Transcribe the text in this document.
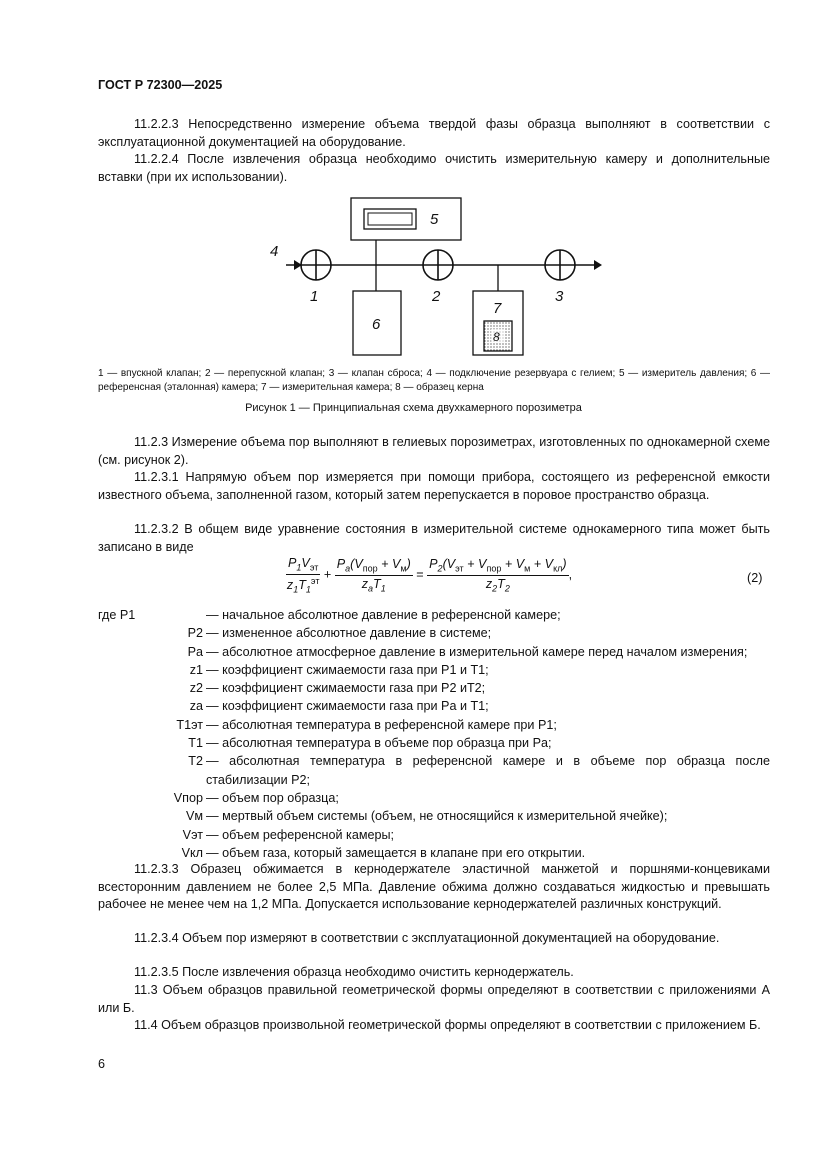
ГОСТ Р 72300—2025

11.2.2.3 Непосредственно измерение объема твердой фазы образца выполняют в соответствии с эксплуатационной документацией на оборудование.

11.2.2.4 После извлечения образца необходимо очистить измерительную камеру и дополнительные вставки (при их использовании).

4
1	2	3
5
6
7
8
1 — впускной клапан; 2 — перепускной клапан; 3 — клапан сброса; 4 — подключение резервуара с гелием; 5 — измеритель давления; 6 — референсная (эталонная) камера; 7 — измерительная камера; 8 — образец керна
Рисунок 1 — Принципиальная схема двухкамерного порозиметра

11.2.3 Измерение объема пор выполняют в гелиевых порозиметрах, изготовленных по однокамерной схеме (см. рисунок 2).

11.2.3.1 Напрямую объем пор измеряется при помощи прибора, состоящего из референсной емкости известного объема, заполненной газом, который затем перепускается в поровое пространство образца.

11.2.3.2 В общем виде уравнение состояния в измерительной системе однокамерного типа может быть записано в виде

$\frac{P_1V_{эт}}{z_1T_1^{эт}} + \frac{P_a(V_{пор} + V_м)}{z_aT_1} = \frac{P_2(V_{эт} + V_{пор} + V_м + V_{кл})}{z_2T_2}$ ,	(2)
где P1	— начальное абсолютное давление в референсной камере;
P2 — измененное абсолютное давление в системе;
Pa — абсолютное атмосферное давление в измерительной камере перед началом измерения;
z1 — коэффициент сжимаемости газа при P1 и T1;
z2 — коэффициент сжимаемости газа при P2 иT2;
za — коэффициент сжимаемости газа при Pa и T1;
T1эт — абсолютная температура в референсной камере при P1;
T1 — абсолютная температура в объеме пор образца при Pa;
T2 — абсолютная температура в референсной камере и в объеме пор образца после стабилизации P2;
Vпор — объем пор образца;
Vм — мертвый объем системы (объем, не относящийся к измерительной ячейке);
Vэт — объем референсной камеры;
Vкл — объем газа, который замещается в клапане при его открытии.

11.2.3.3 Образец обжимается в кернодержателе эластичной манжетой и поршнями-концевиками всесторонним давлением не более 2,5 МПа. Давление обжима должно создаваться жидкостью и превышать рабочее не менее чем на 1,2 МПа. Допускается использование кернодержателей различных конструкций.

11.2.3.4 Объем пор измеряют в соответствии с эксплуатационной документацией на оборудование.

11.2.3.5 После извлечения образца необходимо очистить кернодержатель.

11.3 Объем образцов правильной геометрической формы определяют в соответствии с приложениями А или Б.

11.4 Объем образцов произвольной геометрической формы определяют в соответствии с приложением Б.

6
